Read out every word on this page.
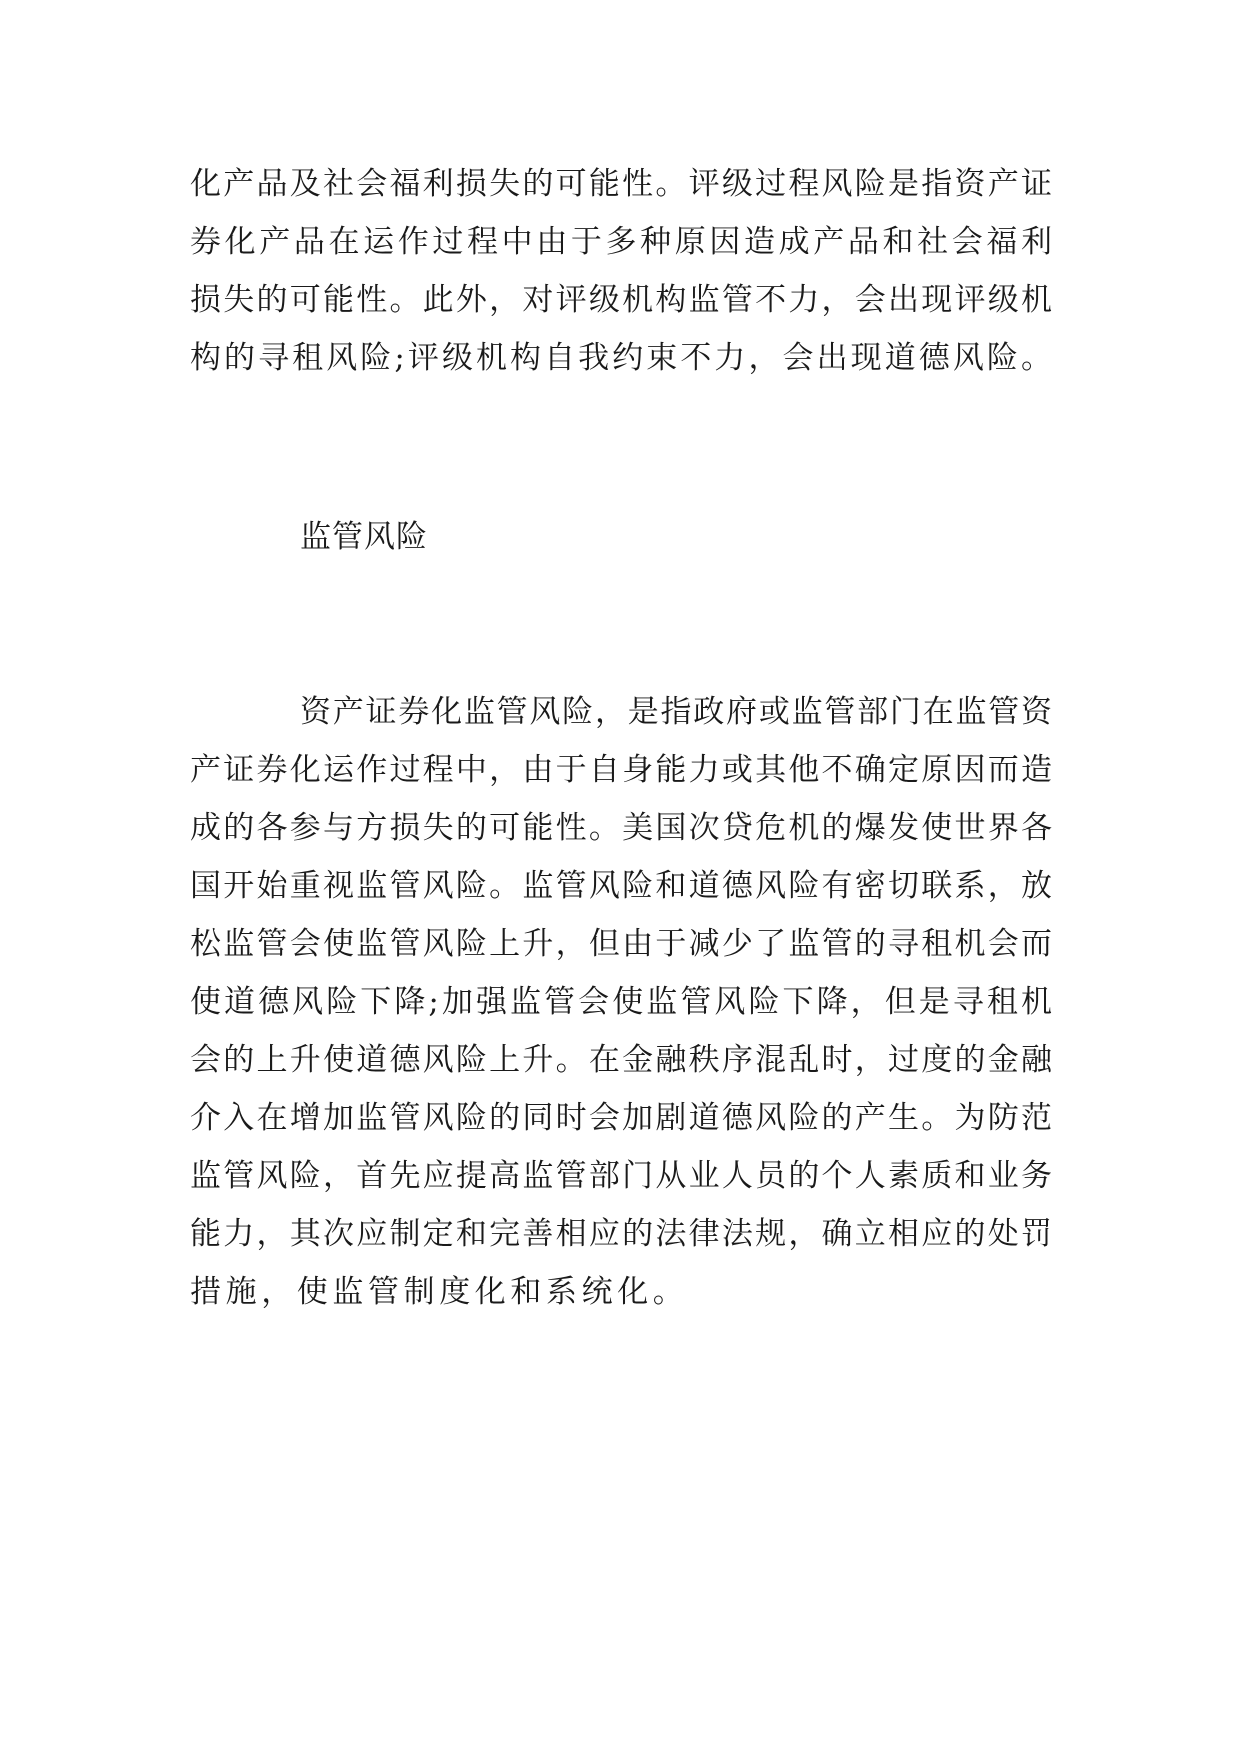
化产品及社会福利损失的可能性。评级过程风险是指资产证

券化产品在运作过程中由于多种原因造成产品和社会福利

损失的可能性。此外，对评级机构监管不力，会出现评级机

构的寻租风险;评级机构自我约束不力，会出现道德风险。

监管风险

资产证券化监管风险，是指政府或监管部门在监管资

产证券化运作过程中，由于自身能力或其他不确定原因而造

成的各参与方损失的可能性。美国次贷危机的爆发使世界各

国开始重视监管风险。监管风险和道德风险有密切联系，放

松监管会使监管风险上升，但由于减少了监管的寻租机会而

使道德风险下降;加强监管会使监管风险下降，但是寻租机

会的上升使道德风险上升。在金融秩序混乱时，过度的金融

介入在增加监管风险的同时会加剧道德风险的产生。为防范

监管风险，首先应提高监管部门从业人员的个人素质和业务

能力，其次应制定和完善相应的法律法规，确立相应的处罚

措施，使监管制度化和系统化。
